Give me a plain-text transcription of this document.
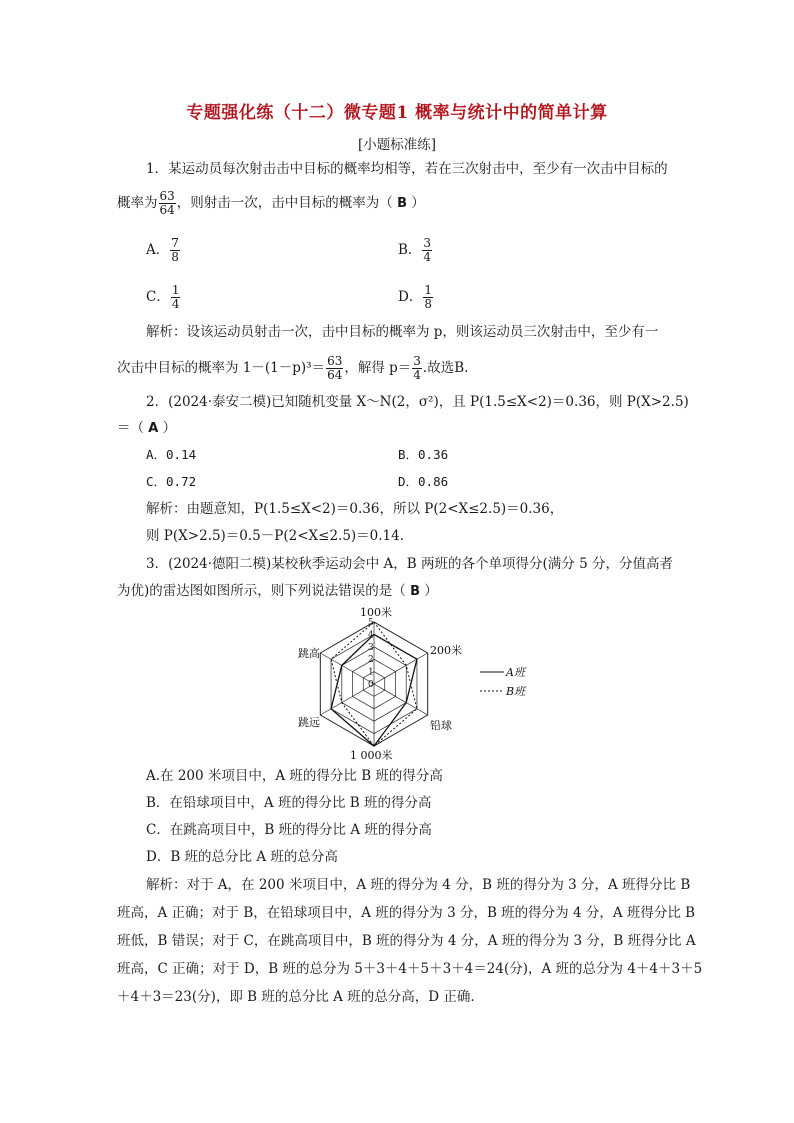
专题强化练（十二）微专题1 概率与统计中的简单计算
[小题标准练]
1．某运动员每次射击击中目标的概率均相等，若在三次射击中，至少有一次击中目标的
概率为 $\frac{63}{64}$ ，则射击一次，击中目标的概率为（ B ）
A． $\frac{7}{8}$	B． $\frac{3}{4}$
C． $\frac{1}{4}$	D． $\frac{1}{8}$
解析：设该运动员射击一次，击中目标的概率为 p，则该运动员三次射击中，至少有一
次击中目标的概率为 $1-(1-p)^3= \frac{63}{64}$ ，解得 $p= \frac{3}{4}$ .故选B.
2．(2024·泰安二模)已知随机变量 X～N(2，σ²)，且 P(1.5≤X<2)＝0.36，则 P(X>2.5)
＝（ A ）
A．0.14	B．0.36
C．0.72	D．0.86
解析：由题意知，P(1.5≤X<2)＝0.36，所以 P(2<X≤2.5)＝0.36，
则 P(X>2.5)＝0.5－P(2<X≤2.5)＝0.14.
3．(2024·德阳二模)某校秋季运动会中 A，B 两班的各个单项得分(满分 5 分，分值高者
为优)的雷达图如图所示，则下列说法错误的是（ B ）
0
1
2
3
4
5
100米
200米
铅球
1 000米
跳远
跳高
A班
B班
A.在 200 米项目中，A 班的得分比 B 班的得分高
B．在铅球项目中，A 班的得分比 B 班的得分高
C．在跳高项目中，B 班的得分比 A 班的得分高
D．B 班的总分比 A 班的总分高
解析：对于 A，在 200 米项目中，A 班的得分为 4 分，B 班的得分为 3 分，A 班得分比 B
班高，A 正确；对于 B，在铅球项目中，A 班的得分为 3 分，B 班的得分为 4 分，A 班得分比 B
班低，B 错误；对于 C，在跳高项目中，B 班的得分为 4 分，A 班的得分为 3 分，B 班得分比 A
班高，C 正确；对于 D，B 班的总分为 5＋3＋4＋5＋3＋4＝24(分)，A 班的总分为 4＋4＋3＋5
＋4＋3＝23(分)，即 B 班的总分比 A 班的总分高，D 正确.
